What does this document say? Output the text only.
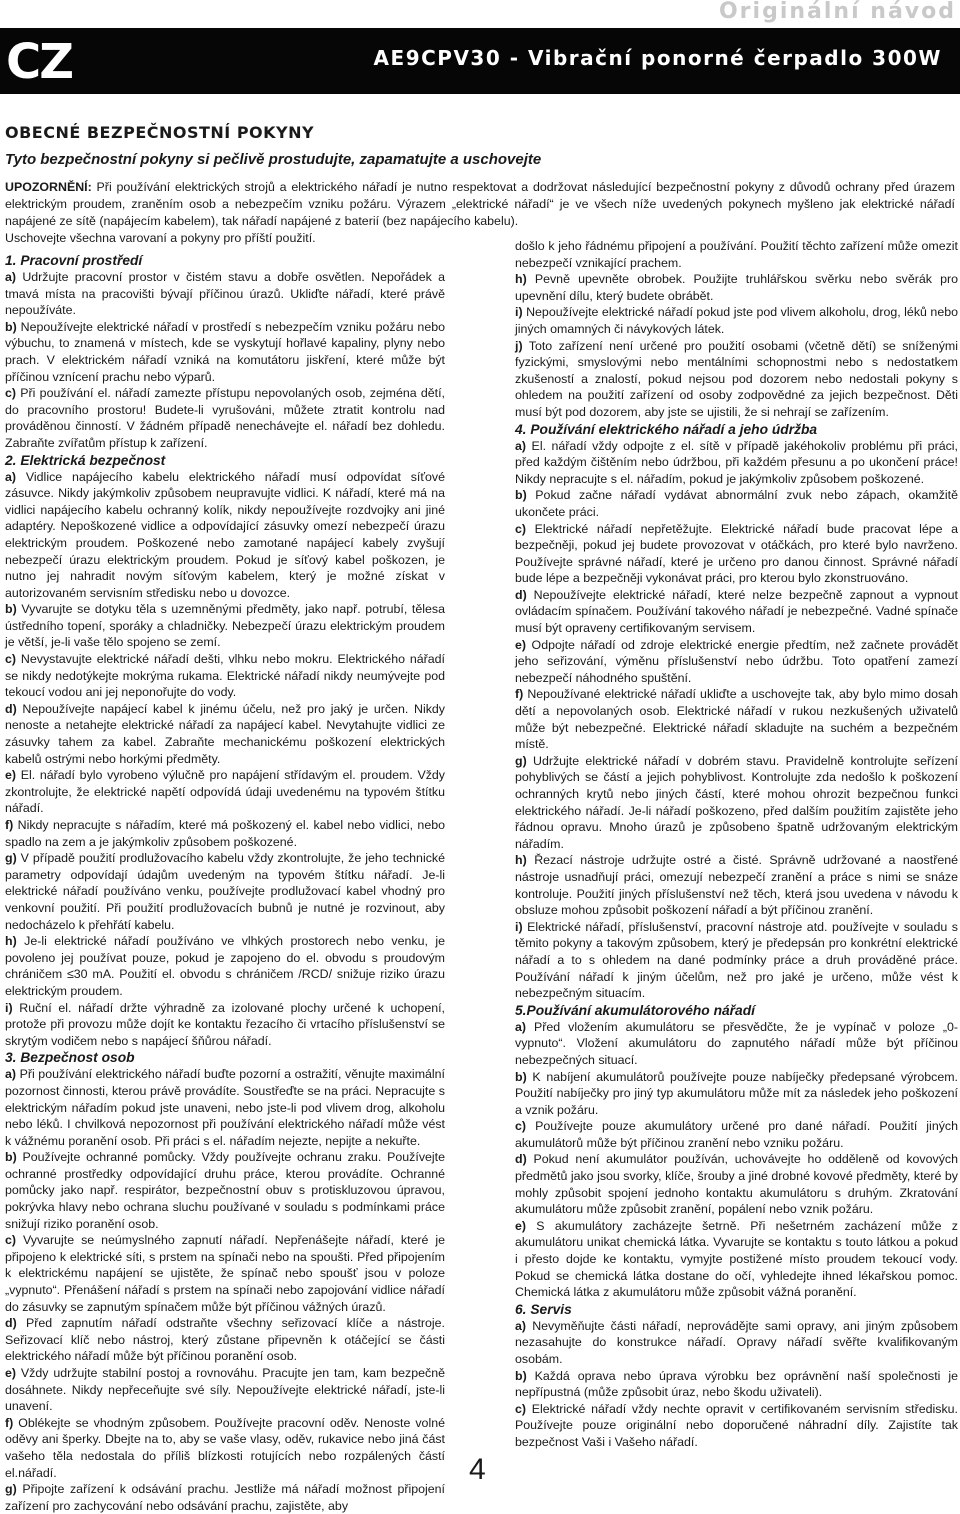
Originální návod
CZ	AE9CPV30 - Vibrační ponorné čerpadlo 300W
OBECNÉ BEZPEČNOSTNÍ POKYNY
Tyto bezpečnostní pokyny si pečlivě prostudujte, zapamatujte a uschovejte

UPOZORNĚNÍ: Při používání elektrických strojů a elektrického nářadí je nutno respektovat a dodržovat následující bezpečnostní pokyny z důvodů ochrany před úrazem elektrickým proudem, zraněním osob a nebezpečím vzniku požáru. Výrazem „elektrické nářadí“ je ve všech níže uvedených pokynech myšleno jak elektrické nářadí napájené ze sítě (napájecím kabelem), tak nářadí napájené z baterií (bez napájecího kabelu).

Uschovejte všechna varovaní a pokyny pro příští použití.

1. Pracovní prostředí

a) Udržujte pracovní prostor v čistém stavu a dobře osvětlen. Nepořádek a tmavá místa na pracovišti bývají příčinou úrazů. Ukliďte nářadí, které právě nepoužíváte.

b) Nepoužívejte elektrické nářadí v prostředí s nebezpečím vzniku požáru nebo výbuchu, to znamená v místech, kde se vyskytují hořlavé kapaliny, plyny nebo prach. V elektrickém nářadí vzniká na komutátoru jiskření, které může být příčinou vznícení prachu nebo výparů.

c) Při používání el. nářadí zamezte přístupu nepovolaných osob, zejména dětí, do pracovního prostoru! Budete-li vyrušováni, můžete ztratit kontrolu nad prováděnou činností. V žádném případě nenechávejte el. nářadí bez dohledu. Zabraňte zvířatům přístup k zařízení.

2. Elektrická bezpečnost

a) Vidlice napájecího kabelu elektrického nářadí musí odpovídat síťové zásuvce. Nikdy jakýmkoliv způsobem neupravujte vidlici. K nářadí, které má na vidlici napájecího kabelu ochranný kolík, nikdy nepoužívejte rozdvojky ani jiné adaptéry. Nepoškozené vidlice a odpovídající zásuvky omezí nebezpečí úrazu elektrickým proudem. Poškozené nebo zamotané napájecí kabely zvyšují nebezpečí úrazu elektrickým proudem. Pokud je síťový kabel poškozen, je nutno jej nahradit novým síťovým kabelem, který je možné získat v autorizovaném servisním středisku nebo u dovozce.

b) Vyvarujte se dotyku těla s uzemněnými předměty, jako např. potrubí, tělesa ústředního topení, sporáky a chladničky. Nebezpečí úrazu elektrickým proudem je větší, je-li vaše tělo spojeno se zemí.

c) Nevystavujte elektrické nářadí dešti, vlhku nebo mokru. Elektrického nářadí se nikdy nedotýkejte mokrýma rukama. Elektrické nářadí nikdy neumývejte pod tekoucí vodou ani jej neponořujte do vody.

d) Nepoužívejte napájecí kabel k jinému účelu, než pro jaký je určen. Nikdy nenoste a netahejte elektrické nářadí za napájecí kabel. Nevytahujte vidlici ze zásuvky tahem za kabel. Zabraňte mechanickému poškození elektrických kabelů ostrými nebo horkými předměty.

e) El. nářadí bylo vyrobeno výlučně pro napájení střídavým el. proudem. Vždy zkontrolujte, že elektrické napětí odpovídá údaji uvedenému na typovém štítku nářadí.

f) Nikdy nepracujte s nářadím, které má poškozený el. kabel nebo vidlici, nebo spadlo na zem a je jakýmkoliv způsobem poškozené.

g) V případě použití prodlužovacího kabelu vždy zkontrolujte, že jeho technické parametry odpovídají údajům uvedeným na typovém štítku nářadí. Je-li elektrické nářadí používáno venku, používejte prodlužovací kabel vhodný pro venkovní použití. Při použití prodlužovacích bubnů je nutné je rozvinout, aby nedocházelo k přehřátí kabelu.

h) Je-li elektrické nářadí používáno ve vlhkých prostorech nebo venku, je povoleno jej používat pouze, pokud je zapojeno do el. obvodu s proudovým chráničem ≤30 mA. Použití el. obvodu s chráničem /RCD/ snižuje riziko úrazu elektrickým proudem.

i) Ruční el. nářadí držte výhradně za izolované plochy určené k uchopení, protože při provozu může dojít ke kontaktu řezacího či vrtacího příslušenství se skrytým vodičem nebo s napájecí šňůrou nářadí.

3. Bezpečnost osob

a) Při používání elektrického nářadí buďte pozorní a ostražití, věnujte maximální pozornost činnosti, kterou právě provádíte. Soustřeďte se na práci. Nepracujte s elektrickým nářadím pokud jste unaveni, nebo jste-li pod vlivem drog, alkoholu nebo léků. I chvilková nepozornost při používání elektrického nářadí může vést k vážnému poranění osob. Při práci s el. nářadím nejezte, nepijte a nekuřte.

b) Používejte ochranné pomůcky. Vždy používejte ochranu zraku. Používejte ochranné prostředky odpovídající druhu práce, kterou provádíte. Ochranné pomůcky jako např. respirátor, bezpečnostní obuv s protiskluzovou úpravou, pokrývka hlavy nebo ochrana sluchu používané v souladu s podmínkami práce snižují riziko poranění osob.

c) Vyvarujte se neúmyslného zapnutí nářadí. Nepřenášejte nářadí, které je připojeno k elektrické síti, s prstem na spínači nebo na spoušti. Před připojením k elektrickému napájení se ujistěte, že spínač nebo spoušť jsou v poloze „vypnuto“. Přenášení nářadí s prstem na spínači nebo zapojování vidlice nářadí do zásuvky se zapnutým spínačem může být příčinou vážných úrazů.

d) Před zapnutím nářadí odstraňte všechny seřizovací klíče a nástroje. Seřizovací klíč nebo nástroj, který zůstane připevněn k otáčející se části elektrického nářadí může být příčinou poranění osob.

e) Vždy udržujte stabilní postoj a rovnováhu. Pracujte jen tam, kam bezpečně dosáhnete. Nikdy nepřeceňujte své síly. Nepoužívejte elektrické nářadí, jste-li unavení.

f) Oblékejte se vhodným způsobem. Používejte pracovní oděv. Nenoste volné oděvy ani šperky. Dbejte na to, aby se vaše vlasy, oděv, rukavice nebo jiná část vašeho těla nedostala do příliš blízkosti rotujících nebo rozpálených částí el.nářadí.

g) Připojte zařízení k odsávání prachu. Jestliže má nářadí možnost připojení zařízení pro zachycování nebo odsávání prachu, zajistěte, aby

došlo k jeho řádnému připojení a používání. Použití těchto zařízení může omezit nebezpečí vznikající prachem.

h) Pevně upevněte obrobek. Použijte truhlářskou svěrku nebo svěrák pro upevnění dílu, který budete obrábět.

i) Nepoužívejte elektrické nářadí pokud jste pod vlivem alkoholu, drog, léků nebo jiných omamných či návykových látek.

j) Toto zařízení není určené pro použití osobami (včetně dětí) se sníženými fyzickými, smyslovými nebo mentálními schopnostmi nebo s nedostatkem zkušeností a znalostí, pokud nejsou pod dozorem nebo nedostali pokyny s ohledem na použití zařízení od osoby zodpovědné za jejich bezpečnost. Děti musí být pod dozorem, aby jste se ujistili, že si nehrají se zařízením.

4. Používání elektrického nářadí a jeho údržba

a) El. nářadí vždy odpojte z el. sítě v případě jakéhokoliv problému při práci, před každým čištěním nebo údržbou, při každém přesunu a po ukončení práce! Nikdy nepracujte s el. nářadím, pokud je jakýmkoliv způsobem poškozené.

b) Pokud začne nářadí vydávat abnormální zvuk nebo zápach, okamžitě ukončete práci.

c) Elektrické nářadí nepřetěžujte. Elektrické nářadí bude pracovat lépe a bezpečněji, pokud jej budete provozovat v otáčkách, pro které bylo navrženo. Používejte správné nářadí, které je určeno pro danou činnost. Správné nářadí bude lépe a bezpečněji vykonávat práci, pro kterou bylo zkonstruováno.

d) Nepoužívejte elektrické nářadí, které nelze bezpečně zapnout a vypnout ovládacím spínačem. Používání takového nářadí je nebezpečné. Vadné spínače musí být opraveny certifikovaným servisem.

e) Odpojte nářadí od zdroje elektrické energie předtím, než začnete provádět jeho seřizování, výměnu příslušenství nebo údržbu. Toto opatření zamezí nebezpečí náhodného spuštění.

f) Nepoužívané elektrické nářadí ukliďte a uschovejte tak, aby bylo mimo dosah dětí a nepovolaných osob. Elektrické nářadí v rukou nezkušených uživatelů může být nebezpečné. Elektrické nářadí skladujte na suchém a bezpečném místě.

g) Udržujte elektrické nářadí v dobrém stavu. Pravidelně kontrolujte seřízení pohyblivých se částí a jejich pohyblivost. Kontrolujte zda nedošlo k poškození ochranných krytů nebo jiných částí, které mohou ohrozit bezpečnou funkci elektrického nářadí. Je-li nářadí poškozeno, před dalším použitím zajistěte jeho řádnou opravu. Mnoho úrazů je způsobeno špatně udržovaným elektrickým nářadím.

h) Řezací nástroje udržujte ostré a čisté. Správně udržované a naostřené nástroje usnadňují práci, omezují nebezpečí zranění a práce s nimi se snáze kontroluje. Použití jiných příslušenství než těch, která jsou uvedena v návodu k obsluze mohou způsobit poškození nářadí a být příčinou zranění.

i) Elektrické nářadí, příslušenství, pracovní nástroje atd. používejte v souladu s těmito pokyny a takovým způsobem, který je předepsán pro konkrétní elektrické nářadí a to s ohledem na dané podmínky práce a druh prováděné práce. Používání nářadí k jiným účelům, než pro jaké je určeno, může vést k nebezpečným situacím.

5.Používání akumulátorového nářadí

a) Před vložením akumulátoru se přesvědčte, že je vypínač v poloze „0-vypnuto“. Vložení akumulátoru do zapnutého nářadí může být příčinou nebezpečných situací.

b) K nabíjení akumulátorů používejte pouze nabíječky předepsané výrobcem. Použití nabíječky pro jiný typ akumulátoru může mít za následek jeho poškození a vznik požáru.

c) Používejte pouze akumulátory určené pro dané nářadí. Použití jiných akumulátorů může být příčinou zranění nebo vzniku požáru.

d) Pokud není akumulátor používán, uchovávejte ho odděleně od kovových předmětů jako jsou svorky, klíče, šrouby a jiné drobné kovové předměty, které by mohly způsobit spojení jednoho kontaktu akumulátoru s druhým. Zkratování akumulátoru může způsobit zranění, popálení nebo vznik požáru.

e) S akumulátory zacházejte šetrně. Při nešetrném zacházení může z akumulátoru unikat chemická látka. Vyvarujte se kontaktu s touto látkou a pokud i přesto dojde ke kontaktu, vymyjte postižené místo proudem tekoucí vody. Pokud se chemická látka dostane do očí, vyhledejte ihned lékařskou pomoc. Chemická látka z akumulátoru může způsobit vážná poranění.

6. Servis

a) Nevyměňujte části nářadí, neprovádějte sami opravy, ani jiným způsobem nezasahujte do konstrukce nářadí. Opravy nářadí svěřte kvalifikovaným osobám.

b) Každá oprava nebo úprava výrobku bez oprávnění naší společnosti je nepřípustná (může způsobit úraz, nebo škodu uživateli).

c) Elektrické nářadí vždy nechte opravit v certifikovaném servisním středisku. Používejte pouze originální nebo doporučené náhradní díly. Zajistíte tak bezpečnost Vaši i Vašeho nářadí.

4
